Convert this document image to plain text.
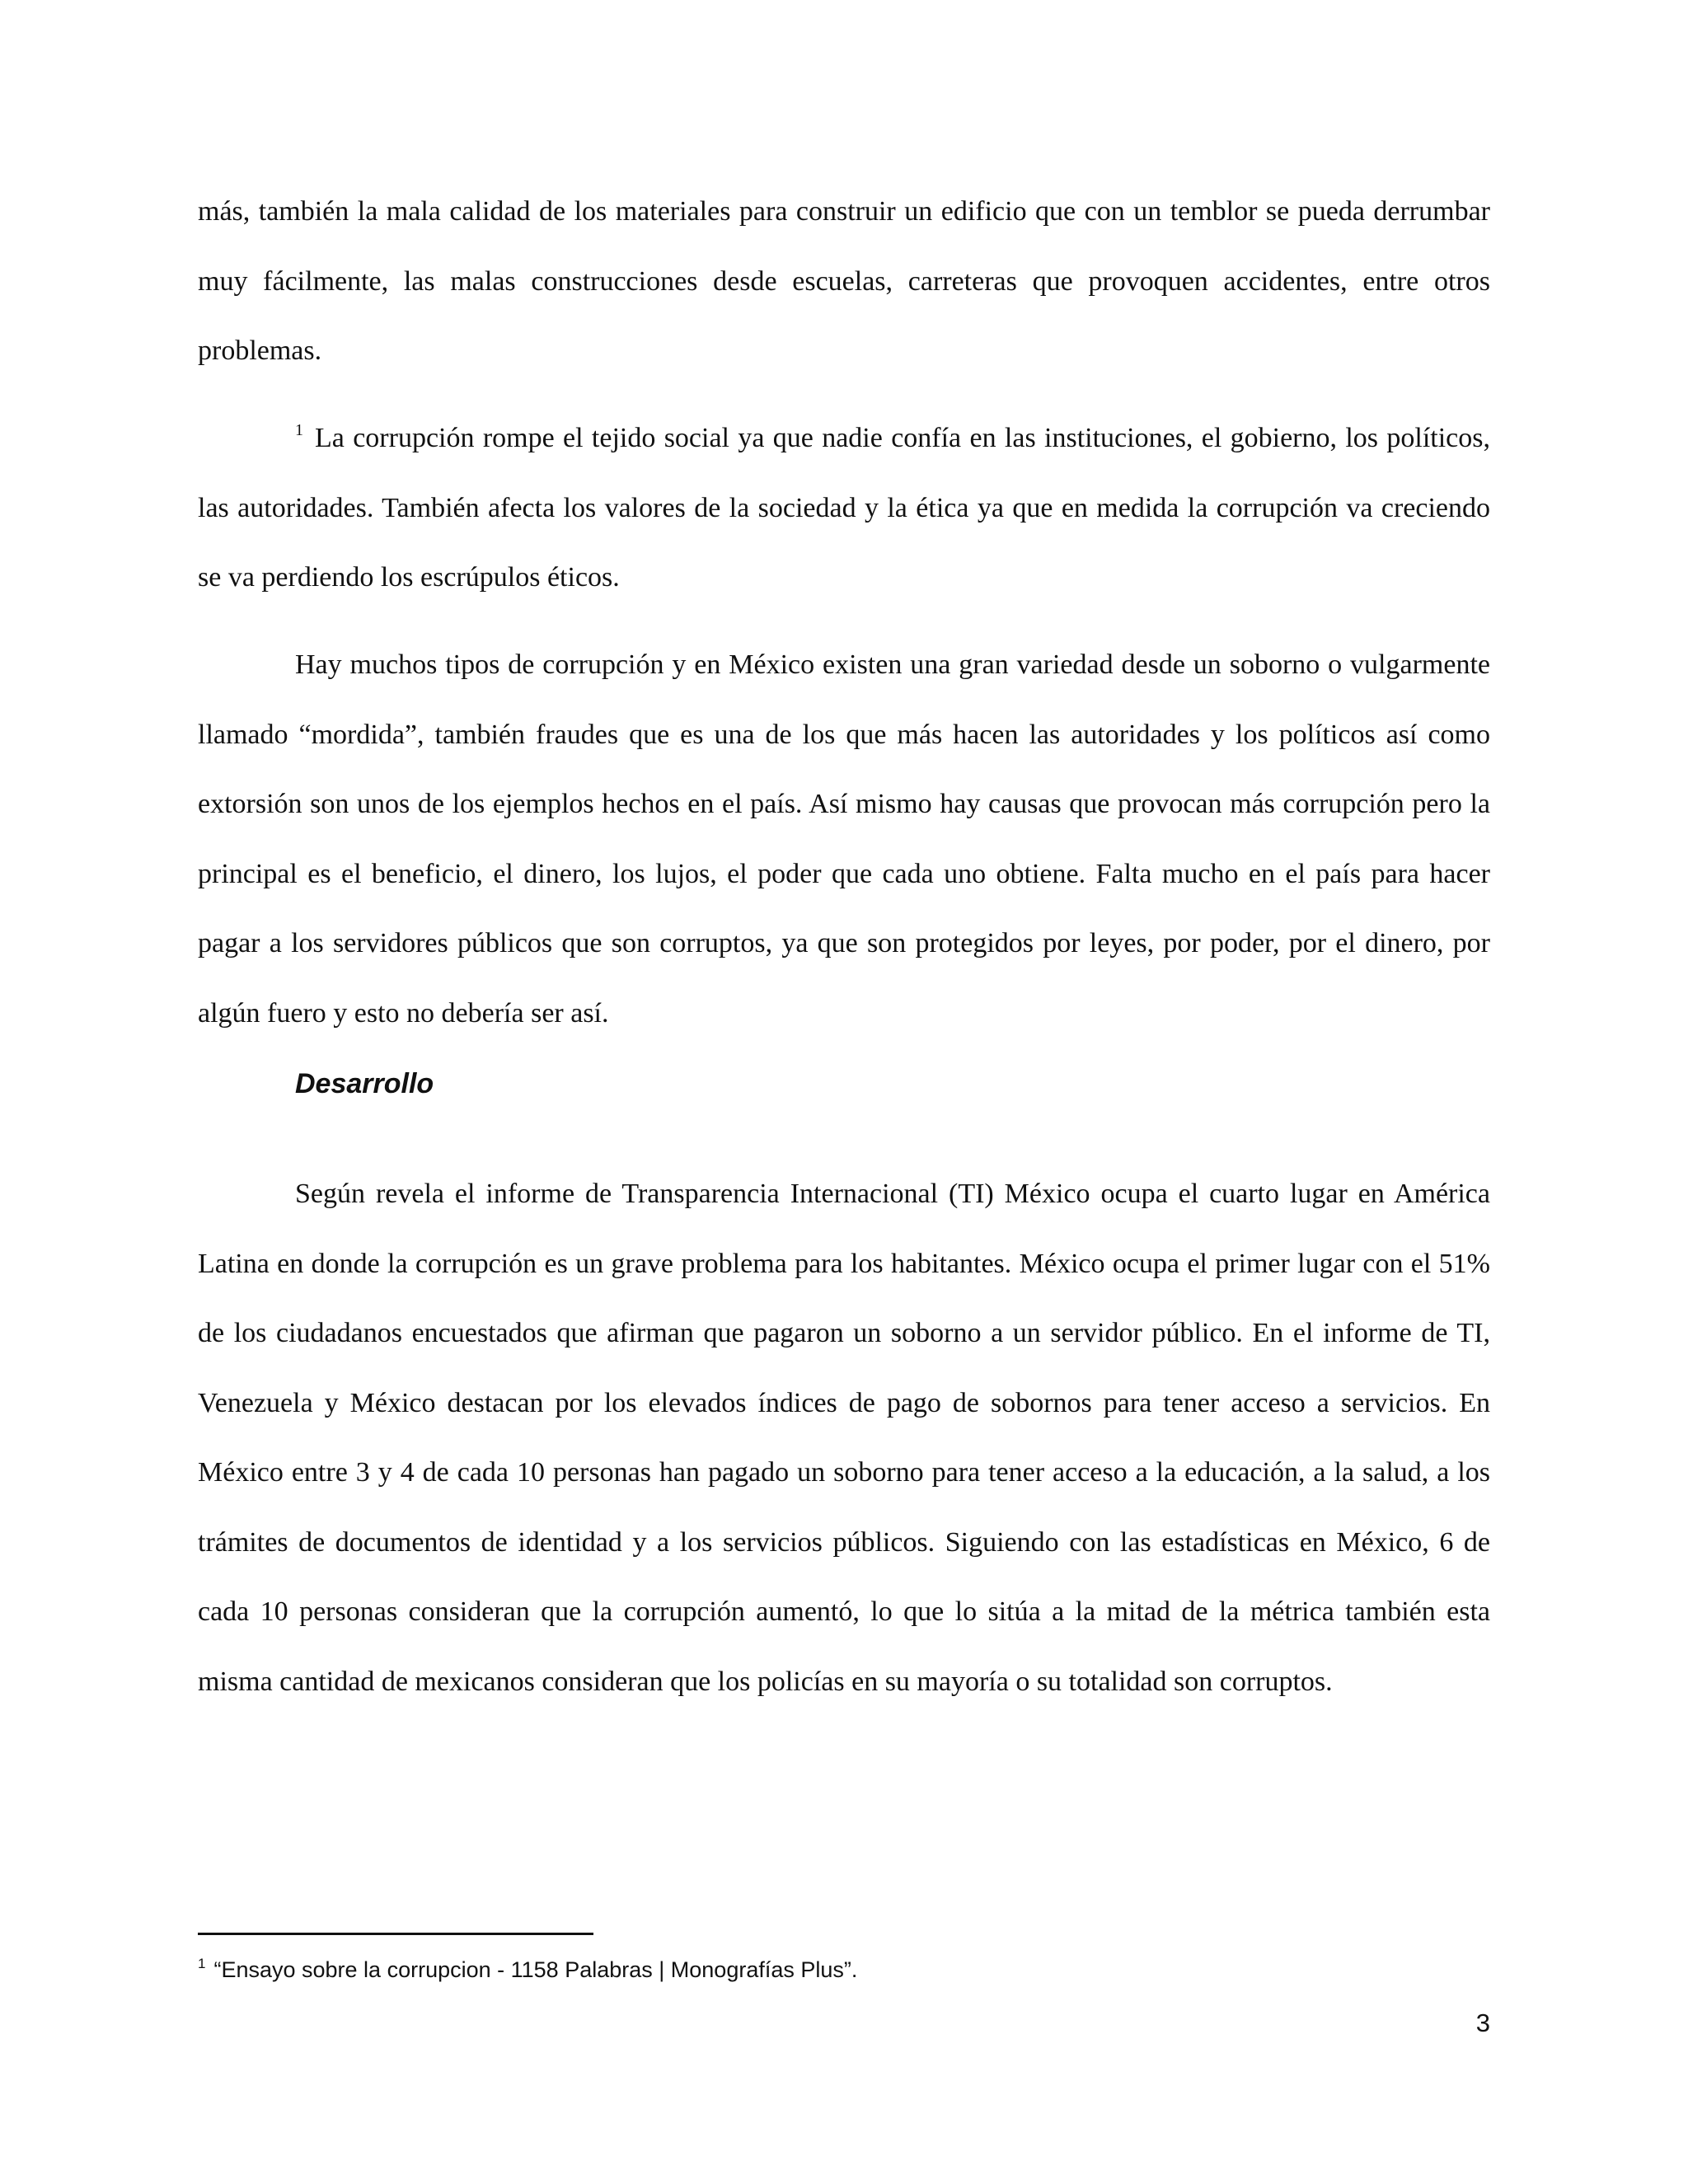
más, también la mala calidad de los materiales para construir un edificio que con un temblor se pueda derrumbar muy fácilmente, las malas construcciones desde escuelas, carreteras que provoquen accidentes, entre otros problemas.

$^1$ La corrupción rompe el tejido social ya que nadie confía en las instituciones, el gobierno, los políticos, las autoridades. También afecta los valores de la sociedad y la ética ya que en medida la corrupción va creciendo se va perdiendo los escrúpulos éticos.

Hay muchos tipos de corrupción y en México existen una gran variedad desde un soborno o vulgarmente llamado “mordida”, también fraudes que es una de los que más hacen las autoridades y los políticos así como extorsión son unos de los ejemplos hechos en el país. Así mismo hay causas que provocan más corrupción pero la principal es el beneficio, el dinero, los lujos, el poder que cada uno obtiene. Falta mucho en el país para hacer pagar a los servidores públicos que son corruptos, ya que son protegidos por leyes, por poder, por el dinero, por algún fuero y esto no debería ser así.

Desarrollo

Según revela el informe de Transparencia Internacional (TI) México ocupa el cuarto lugar en América Latina en donde la corrupción es un grave problema para los habitantes. México ocupa el primer lugar con el 51% de los ciudadanos encuestados que afirman que pagaron un soborno a un servidor público. En el informe de TI, Venezuela y México destacan por los elevados índices de pago de sobornos para tener acceso a servicios. En México entre 3 y 4 de cada 10 personas han pagado un soborno para tener acceso a la educación, a la salud, a los trámites de documentos de identidad y a los servicios públicos. Siguiendo con las estadísticas en México, 6 de cada 10 personas consideran que la corrupción aumentó, lo que lo sitúa a la mitad de la métrica también esta misma cantidad de mexicanos consideran que los policías en su mayoría o su totalidad son corruptos.

$^1$ “Ensayo sobre la corrupcion - 1158 Palabras | Monografías Plus”.

3
